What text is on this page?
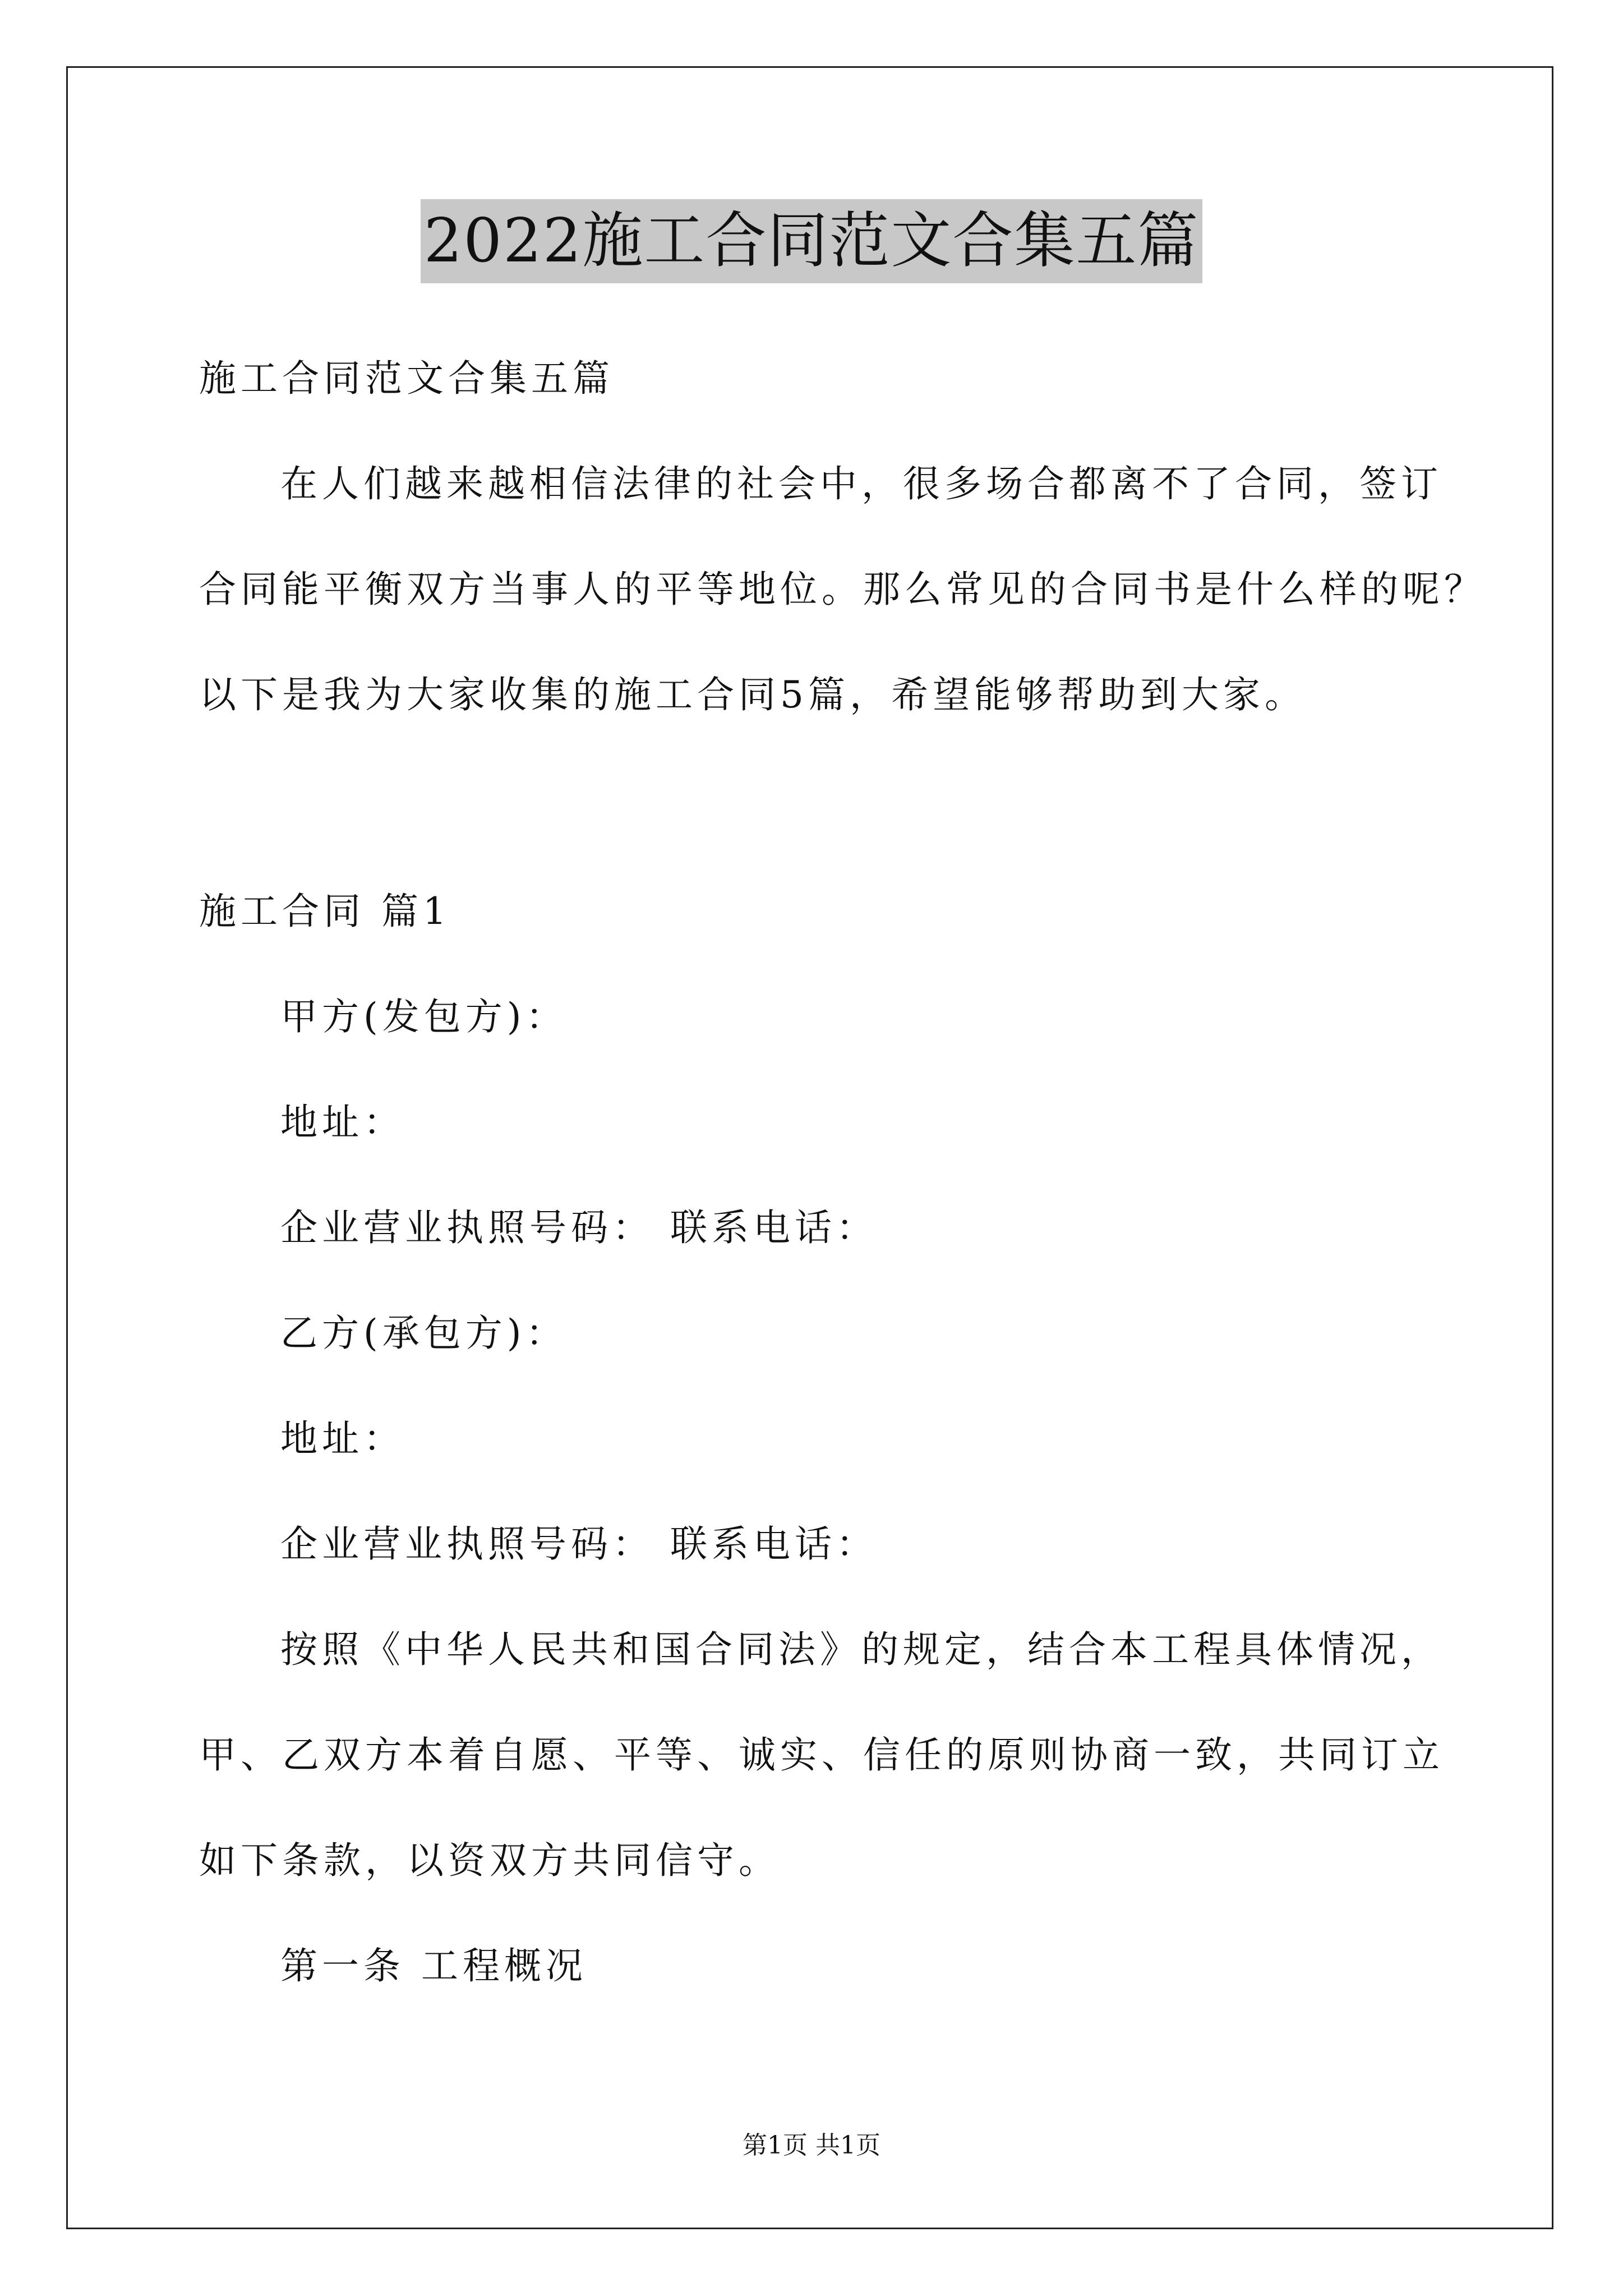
2022施工合同范文合集五篇
施工合同范文合集五篇
在人们越来越相信法律的社会中，很多场合都离不了合同，签订
合同能平衡双方当事人的平等地位。那么常见的合同书是什么样的呢？
以下是我为大家收集的施工合同5篇，希望能够帮助到大家。
施工合同 篇1
甲方(发包方)：
地址：
企业营业执照号码： 联系电话：
乙方(承包方)：
地址：
企业营业执照号码： 联系电话：
按照《中华人民共和国合同法》的规定，结合本工程具体情况，
甲、乙双方本着自愿、平等、诚实、信任的原则协商一致，共同订立
如下条款，以资双方共同信守。
第一条 工程概况
第1页 共1页
